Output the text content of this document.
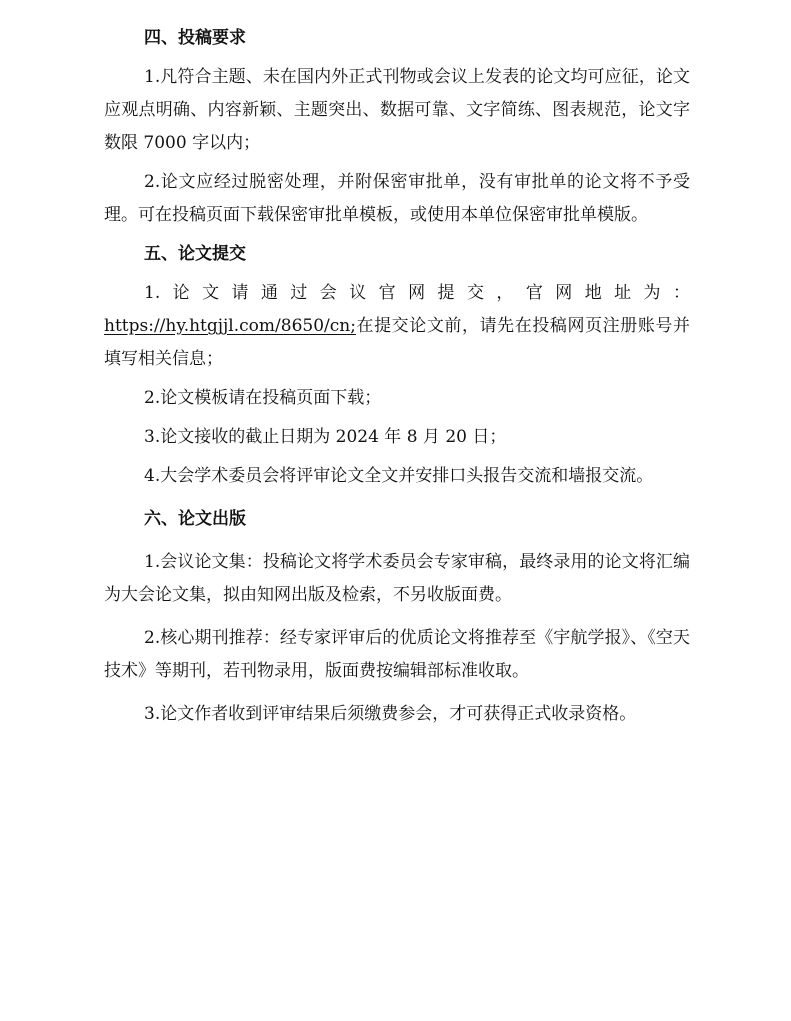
四、投稿要求
1.凡符合主题、未在国内外正式刊物或会议上发表的论文均可应征，论文应观点明确、内容新颖、主题突出、数据可靠、文字简练、图表规范，论文字数限 7000 字以内；
2.论文应经过脱密处理，并附保密审批单，没有审批单的论文将不予受理。可在投稿页面下载保密审批单模板，或使用本单位保密审批单模版。
五、论文提交
1.论文请通过会议官网提交，官网地址为：
https://hy.htgjjl.com/8650/cn;在提交论文前，请先在投稿网页注册账号并填写相关信息；
2.论文模板请在投稿页面下载；
3.论文接收的截止日期为 2024 年 8 月 20 日；
4.大会学术委员会将评审论文全文并安排口头报告交流和墙报交流。
六、论文出版
1.会议论文集：投稿论文将学术委员会专家审稿，最终录用的论文将汇编为大会论文集，拟由知网出版及检索，不另收版面费。
2.核心期刊推荐：经专家评审后的优质论文将推荐至《宇航学报》、《空天技术》等期刊，若刊物录用，版面费按编辑部标准收取。
3.论文作者收到评审结果后须缴费参会，才可获得正式收录资格。
